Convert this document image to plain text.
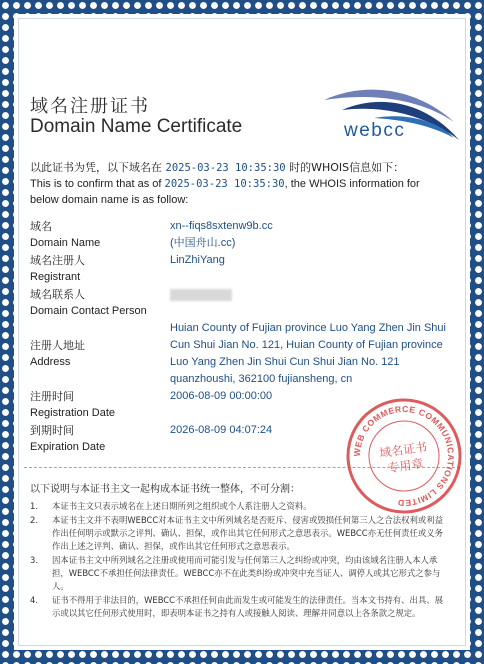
域名注册证书
Domain Name Certificate	webcc
以此证书为凭，以下域名在 2025-03-23 10:35:30 时的WHOIS信息如下：
This is to confirm that as of 2025-03-23 10:35:30, the WHOIS information for
below domain name is as follow:
域名
Domain Name
xn--fiqs8sxtenw9b.cc
(中国舟山.cc)
域名注册人
Registrant
LinZhiYang
域名联系人
Domain Contact Person
注册人地址
Address
Huian County of Fujian province Luo Yang Zhen Jin Shui Cun Shui Jian No. 121, Huian County of Fujian province Luo Yang Zhen Jin Shui Cun Shui Jian No. 121 quanzhoushi, 362100 fujiansheng, cn
注册时间
Registration Date
2006-08-09 00:00:00
到期时间
Expiration Date
2026-08-09 04:07:24
以下说明与本证书主文一起构成本证书统一整体，不可分割：
1. 本证书主文只表示域名在上述日期所列之组织或个人系注册人之资料。
2. 本证书主文并不表明WEBCC对本证书主文中所列域名是否贬斥、侵害或毁损任何第三人之合法权利或利益作出任何明示或默示之评判、确认、担保，或作出其它任何形式之意思表示。WEBCC亦无任何责任或义务作出上述之评判、确认、担保，或作出其它任何形式之意思表示。
3. 因本证书主文中所列域名之注册或使用而可能引发与任何第三人之纠纷或冲突，均由该域名注册人本人承担，WEBCC不承担任何法律责任。WEBCC亦不在此类纠纷或冲突中充当证人、调停人或其它形式之参与人。
4. 证书不得用于非法目的，WEBCC不承担任何由此而发生或可能发生的法律责任。当本文书持有、出具、展示或以其它任何形式使用时，即表明本证书之持有人或接触人阅读、理解并同意以上各条款之规定。
WEB COMMERCE COMMUNICATIONS LIMITED
域名证书
专用章
